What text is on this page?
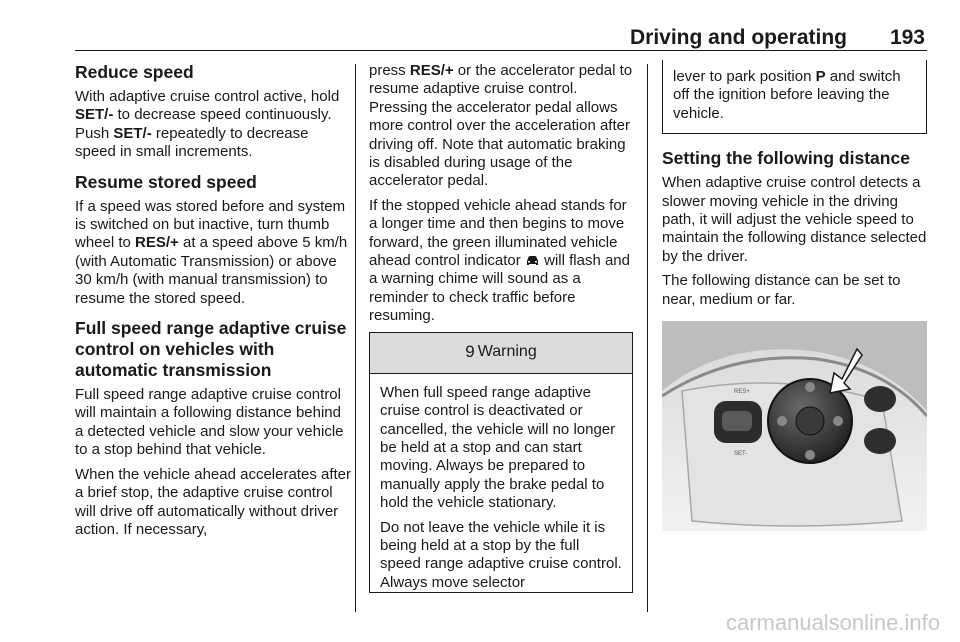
Driving and operating 193
Reduce speed

With adaptive cruise control active, hold SET/- to decrease speed continuously. Push SET/- repeatedly to decrease speed in small increments.

Resume stored speed

If a speed was stored before and system is switched on but inactive, turn thumb wheel to RES/+ at a speed above 5 km/h (with Automatic Transmission) or above 30 km/h (with manual transmission) to resume the stored speed.

Full speed range adaptive cruise control on vehicles with automatic transmission

Full speed range adaptive cruise control will maintain a following distance behind a detected vehicle and slow your vehicle to a stop behind that vehicle.

When the vehicle ahead accelerates after a brief stop, the adaptive cruise control will drive off automatically without driver action. If necessary,

press RES/+ or the accelerator pedal to resume adaptive cruise control. Pressing the accelerator pedal allows more control over the acceleration after driving off. Note that automatic braking is disabled during usage of the accelerator pedal.

If the stopped vehicle ahead stands for a longer time and then begins to move forward, the green illuminated vehicle ahead control indicator  will flash and a warning chime will sound as a reminder to check traffic before resuming.

9 Warning

When full speed range adaptive cruise control is deactivated or cancelled, the vehicle will no longer be held at a stop and can start moving. Always be prepared to manually apply the brake pedal to hold the vehicle stationary.

Do not leave the vehicle while it is being held at a stop by the full speed range adaptive cruise control. Always move selector

lever to park position P and switch off the ignition before leaving the vehicle.
Setting the following distance

When adaptive cruise control detects a slower moving vehicle in the driving path, it will adjust the vehicle speed to maintain the following distance selected by the driver.

The following distance can be set to near, medium or far.

RES+
SET-
carmanualsonline.info
